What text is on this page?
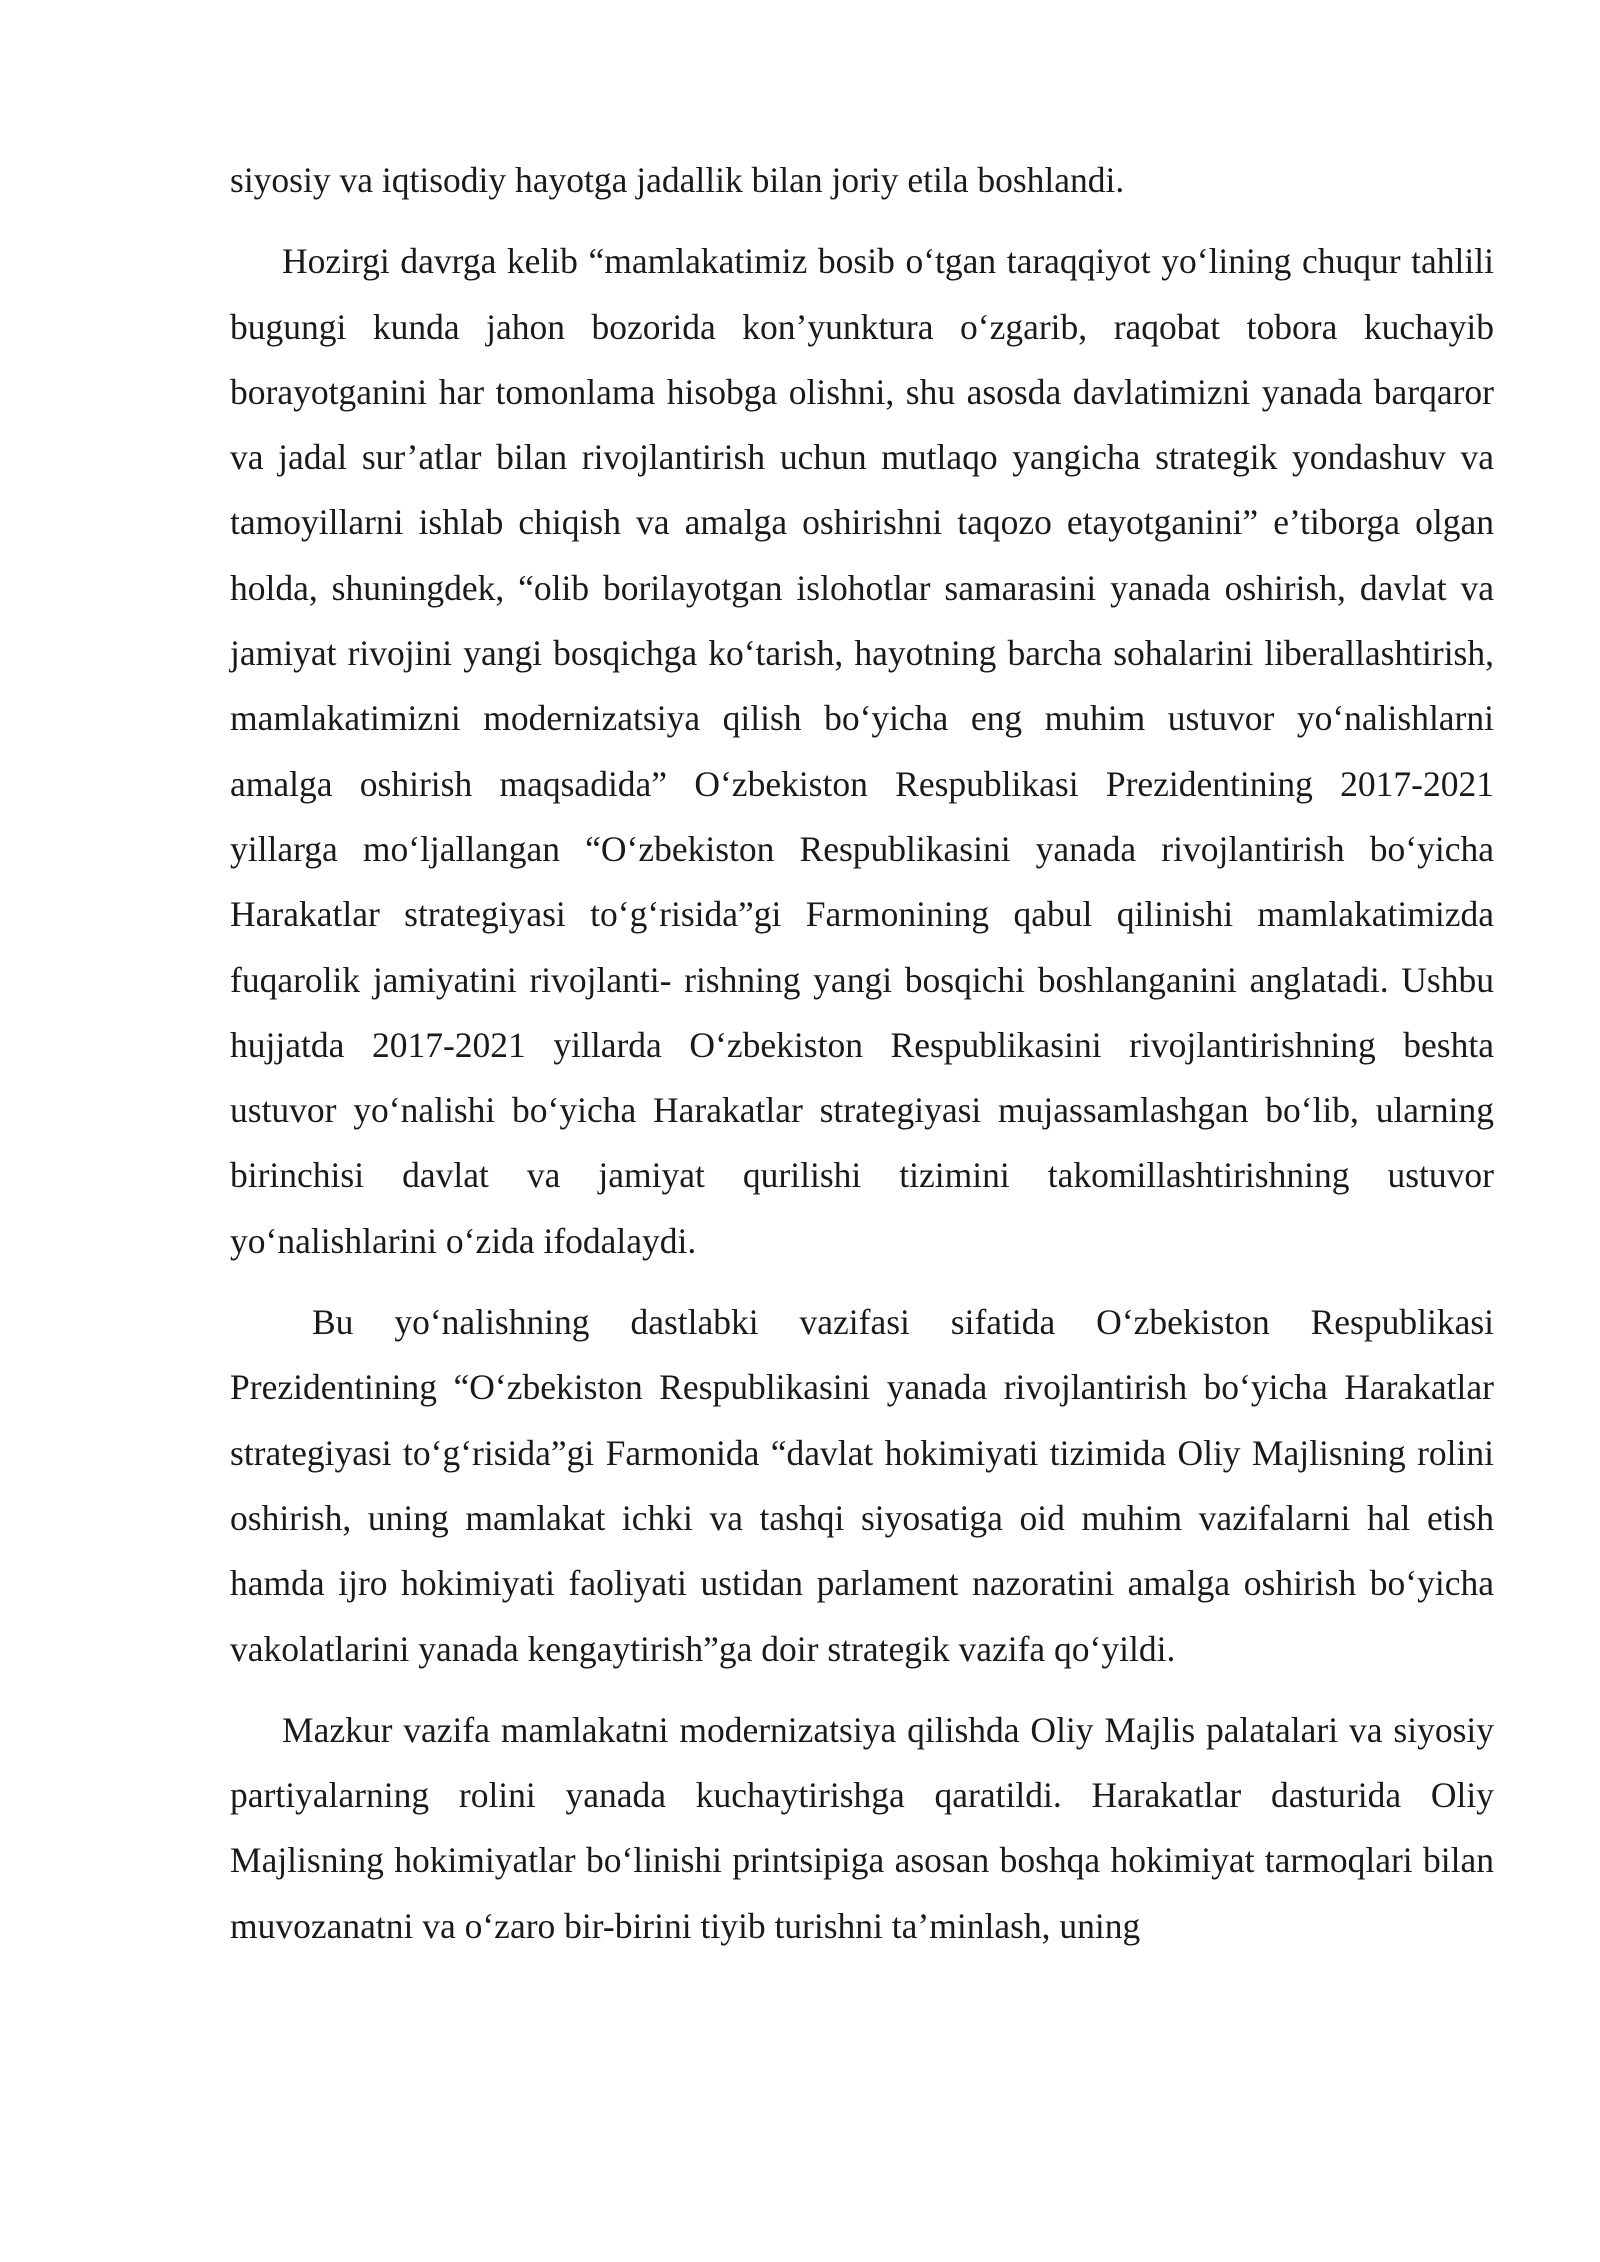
siyosiy va iqtisodiy hayotga jadallik bilan joriy etila boshlandi.

Hozirgi davrga kelib “mamlakatimiz bosib oʻtgan taraqqiyot yoʻlining chuqur tahlili bugungi kunda jahon bozorida kon’yunktura oʻzgarib, raqobat tobora kuchayib borayotganini har tomonlama hisobga olishni, shu asosda davlatimizni yanada barqaror va jadal sur’atlar bilan rivojlantirish uchun mutlaqo yangicha strategik yondashuv va tamoyillarni ishlab chiqish va amalga oshirishni taqozo etayotganini” e’tiborga olgan holda, shuningdek, “olib borilayotgan islohotlar samarasini yanada oshirish, davlat va jamiyat rivojini yangi bosqichga koʻtarish, hayotning barcha sohalarini liberallashtirish, mamlakatimizni modernizatsiya qilish boʻyicha eng muhim ustuvor yoʻnalishlarni amalga oshirish maqsadida” Oʻzbekiston Respublikasi Prezidentining 2017-2021 yillarga moʻljallangan “Oʻzbekiston Respublikasini yanada rivojlantirish boʻyicha Harakatlar strategiyasi toʻgʻrisida”gi Farmonining qabul qilinishi mamlakatimizda fuqarolik jamiyatini rivojlanti- rishning yangi bosqichi boshlanganini anglatadi. Ushbu hujjatda 2017-2021 yillarda Oʻzbekiston Respublikasini rivojlantirishning beshta ustuvor yoʻnalishi boʻyicha Harakatlar strategiyasi mujassamlashgan boʻlib, ularning birinchisi davlat va jamiyat qurilishi tizimini takomillashtirishning ustuvor yoʻnalishlarini oʻzida ifodalaydi.

Bu yoʻnalishning dastlabki vazifasi sifatida Oʻzbekiston Respublikasi Prezidentining “Oʻzbekiston Respublikasini yanada rivojlantirish boʻyicha Harakatlar strategiyasi toʻgʻrisida”gi Farmonida “davlat hokimiyati tizimida Oliy Majlisning rolini oshirish, uning mamlakat ichki va tashqi siyosatiga oid muhim vazifalarni hal etish hamda ijro hokimiyati faoliyati ustidan parlament nazoratini amalga oshirish boʻyicha vakolatlarini yanada kengaytirish”ga doir strategik vazifa qoʻyildi.

Mazkur vazifa mamlakatni modernizatsiya qilishda Oliy Majlis palatalari va siyosiy partiyalarning rolini yanada kuchaytirishga qaratildi. Harakatlar dasturida Oliy Majlisning hokimiyatlar boʻlinishi printsipiga asosan boshqa hokimiyat tarmoqlari bilan muvozanatni va oʻzaro bir-birini tiyib turishni ta’minlash, uning
